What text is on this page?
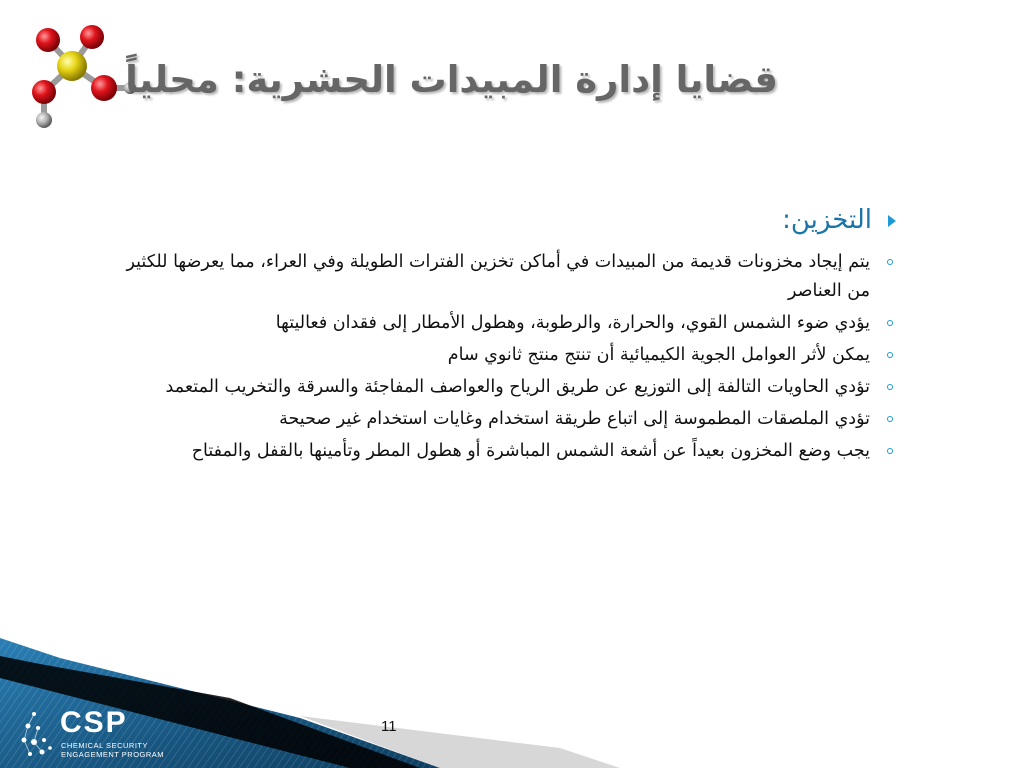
قضايا إدارة المبيدات الحشرية: محلياً
التخزين:
يتم إيجاد مخزونات قديمة من المبيدات في أماكن تخزين الفترات الطويلة وفي العراء، مما يعرضها للكثير من العناصر
يؤدي ضوء الشمس القوي، والحرارة، والرطوبة، وهطول الأمطار إلى فقدان فعاليتها
يمكن لأثر العوامل الجوية الكيميائية أن تنتج منتج ثانوي سام
تؤدي الحاويات التالفة إلى التوزيع عن طريق الرياح والعواصف المفاجئة والسرقة والتخريب المتعمد
تؤدي الملصقات المطموسة إلى اتباع طريقة استخدام وغايات استخدام غير صحيحة
يجب وضع المخزون بعيداً عن أشعة الشمس المباشرة أو هطول المطر وتأمينها بالقفل والمفتاح
CSP
CHEMICAL SECURITY
ENGAGEMENT PROGRAM
11
